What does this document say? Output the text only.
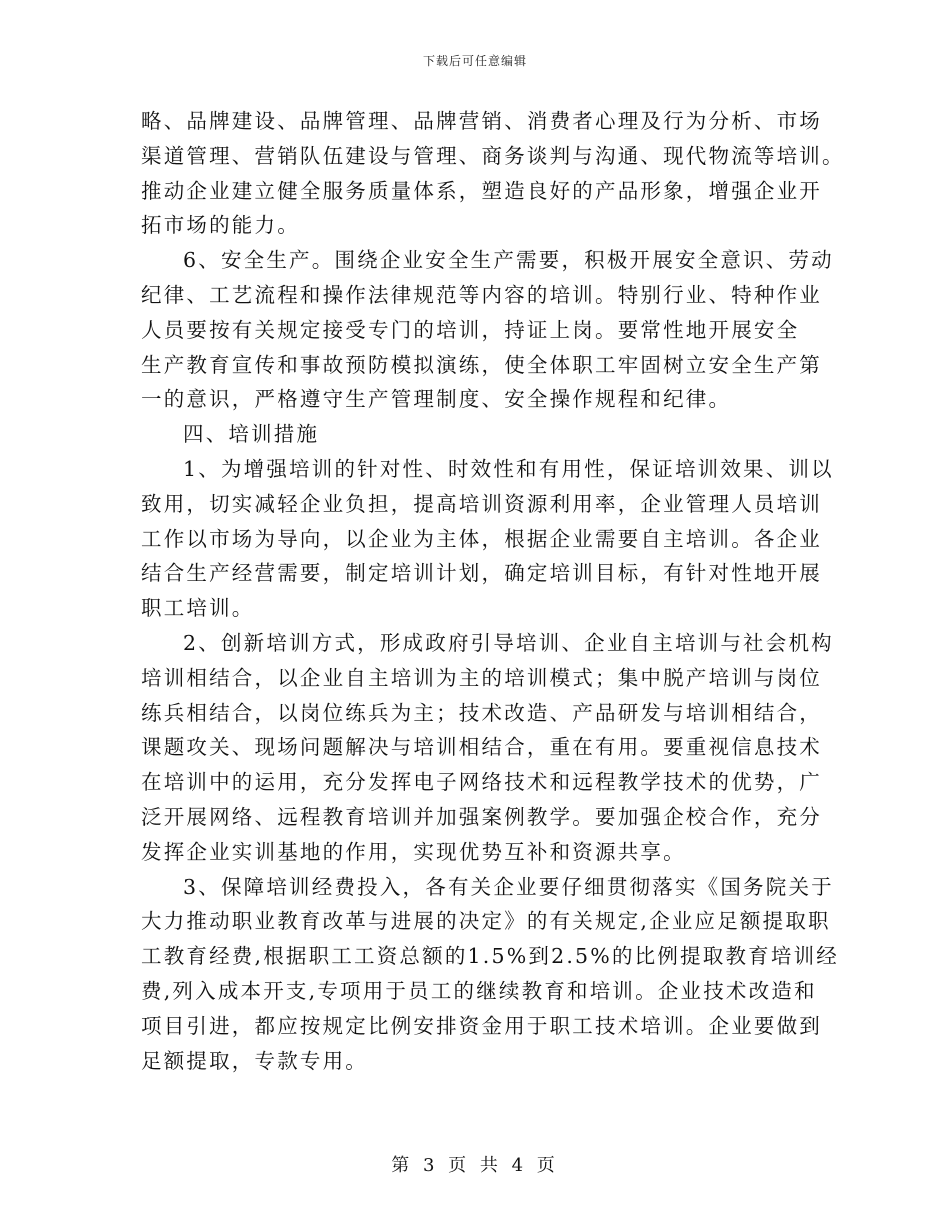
下载后可任意编辑
略、品牌建设、品牌管理、品牌营销、消费者心理及行为分析、市场
渠道管理、营销队伍建设与管理、商务谈判与沟通、现代物流等培训。
推动企业建立健全服务质量体系，塑造良好的产品形象，增强企业开
拓市场的能力。
6、安全生产。围绕企业安全生产需要，积极开展安全意识、劳动
纪律、工艺流程和操作法律规范等内容的培训。特别行业、特种作业
人员要按有关规定接受专门的培训，持证上岗。要常性地开展安全
生产教育宣传和事故预防模拟演练，使全体职工牢固树立安全生产第
一的意识，严格遵守生产管理制度、安全操作规程和纪律。
四、培训措施
1、为增强培训的针对性、时效性和有用性，保证培训效果、训以
致用，切实减轻企业负担，提高培训资源利用率，企业管理人员培训
工作以市场为导向，以企业为主体，根据企业需要自主培训。各企业
结合生产经营需要，制定培训计划，确定培训目标，有针对性地开展
职工培训。
2、创新培训方式，形成政府引导培训、企业自主培训与社会机构
培训相结合，以企业自主培训为主的培训模式；集中脱产培训与岗位
练兵相结合，以岗位练兵为主；技术改造、产品研发与培训相结合，
课题攻关、现场问题解决与培训相结合，重在有用。要重视信息技术
在培训中的运用，充分发挥电子网络技术和远程教学技术的优势，广
泛开展网络、远程教育培训并加强案例教学。要加强企校合作，充分
发挥企业实训基地的作用，实现优势互补和资源共享。
3、保障培训经费投入，各有关企业要仔细贯彻落实《国务院关于
大力推动职业教育改革与进展的决定》的有关规定,企业应足额提取职
工教育经费,根据职工工资总额的1.5%到2.5%的比例提取教育培训经
费,列入成本开支,专项用于员工的继续教育和培训。企业技术改造和
项目引进，都应按规定比例安排资金用于职工技术培训。企业要做到
足额提取，专款专用。
第 3 页 共 4 页
